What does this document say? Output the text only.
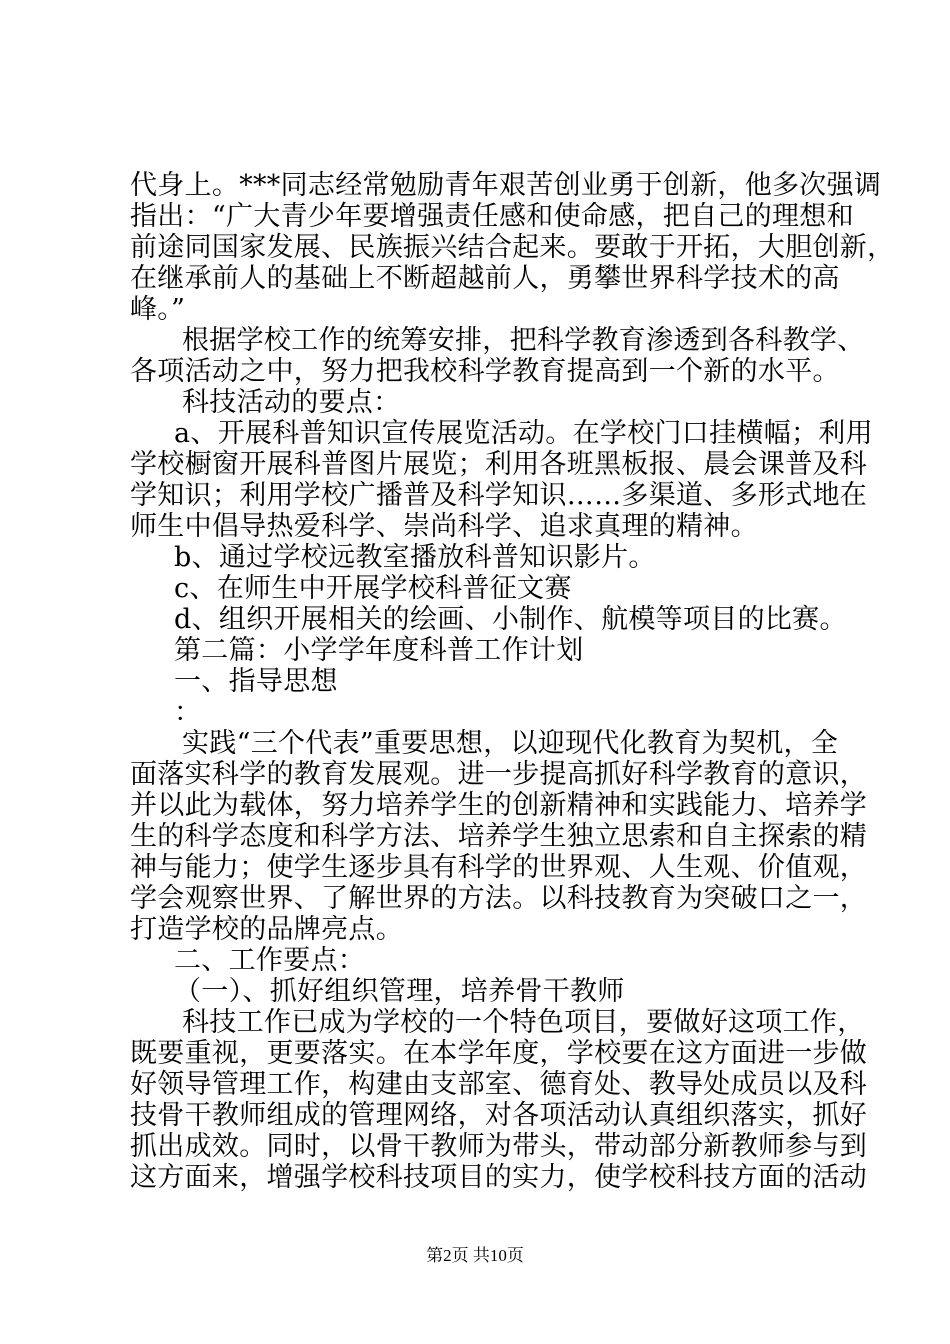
代身上。***同志经常勉励青年艰苦创业勇于创新，他多次强调
指出：“广大青少年要增强责任感和使命感，把自己的理想和
前途同国家发展、民族振兴结合起来。要敢于开拓，大胆创新，
在继承前人的基础上不断超越前人，勇攀世界科学技术的高
峰。”
根据学校工作的统筹安排，把科学教育渗透到各科教学、
各项活动之中，努力把我校科学教育提高到一个新的水平。
科技活动的要点：
a、开展科普知识宣传展览活动。在学校门口挂横幅；利用
学校橱窗开展科普图片展览；利用各班黑板报、晨会课普及科
学知识；利用学校广播普及科学知识……多渠道、多形式地在
师生中倡导热爱科学、崇尚科学、追求真理的精神。
b、通过学校远教室播放科普知识影片。
c、在师生中开展学校科普征文赛
d、组织开展相关的绘画、小制作、航模等项目的比赛。
第二篇：小学学年度科普工作计划
一、指导思想
：
实践“三个代表”重要思想，以迎现代化教育为契机，全
面落实科学的教育发展观。进一步提高抓好科学教育的意识，
并以此为载体，努力培养学生的创新精神和实践能力、培养学
生的科学态度和科学方法、培养学生独立思索和自主探索的精
神与能力；使学生逐步具有科学的世界观、人生观、价值观，
学会观察世界、了解世界的方法。以科技教育为突破口之一，
打造学校的品牌亮点。
二、工作要点：
（一）、抓好组织管理，培养骨干教师
科技工作已成为学校的一个特色项目，要做好这项工作，
既要重视，更要落实。在本学年度，学校要在这方面进一步做
好领导管理工作，构建由支部室、德育处、教导处成员以及科
技骨干教师组成的管理网络，对各项活动认真组织落实，抓好
抓出成效。同时，以骨干教师为带头，带动部分新教师参与到
这方面来，增强学校科技项目的实力，使学校科技方面的活动
第2页 共10页
